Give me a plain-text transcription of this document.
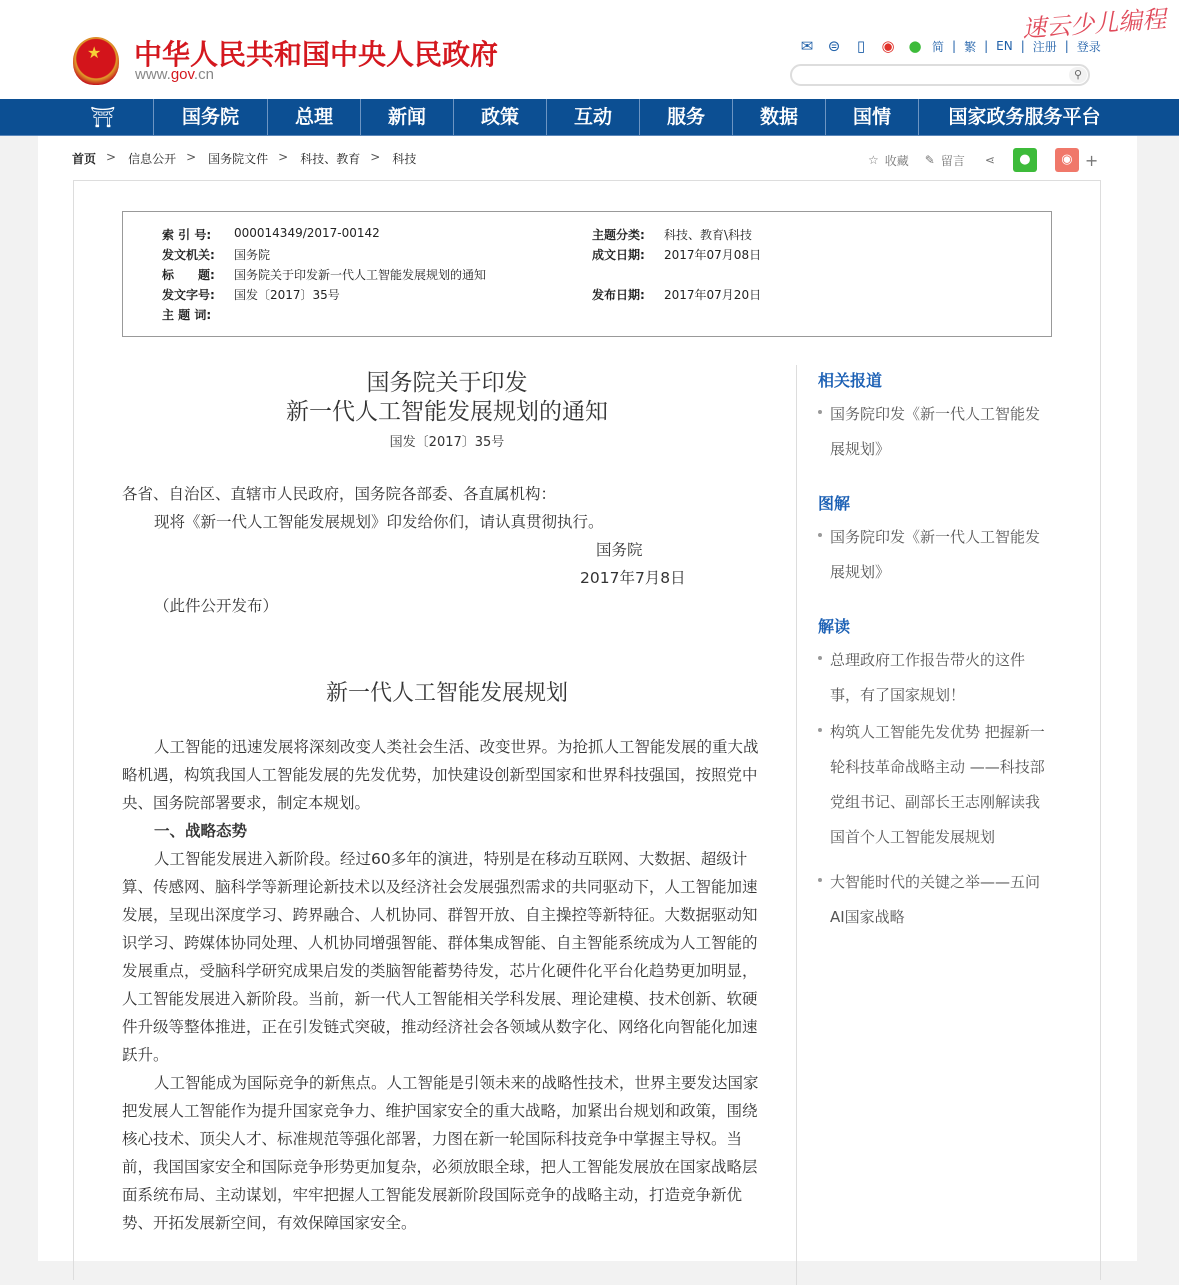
★ 中华人民共和国中央人民政府
www.gov.cn
速云少儿编程
✉ ⊜	▯	◉ ● 简 | 繁 | EN | 注册 | 登录
⚲
⛩	国务院	总理	新闻	政策	互动	服务	数据	国情	国家政务服务平台
首页 > 信息公开 > 国务院文件 > 科技、教育 > 科技	☆ 收藏 ✎ 留言 ⋖	●	◉ +
索 引 号:	000014349/2017-00142	主题分类:	科技、教育\科技
发文机关:	国务院	成文日期:	2017年07月08日
标　　题:	国务院关于印发新一代人工智能发展规划的通知
发文字号:	国发〔2017〕35号	发布日期:	2017年07月20日
主 题 词:
国务院关于印发
新一代人工智能发展规划的通知
国发〔2017〕35号
各省、自治区、直辖市人民政府，国务院各部委、各直属机构：
现将《新一代人工智能发展规划》印发给你们，请认真贯彻执行。
国务院
2017年7月8日
（此件公开发布）
新一代人工智能发展规划
人工智能的迅速发展将深刻改变人类社会生活、改变世界。为抢抓人工智能发展的重大战略机遇，构筑我国人工智能发展的先发优势，加快建设创新型国家和世界科技强国，按照党中央、国务院部署要求，制定本规划。
一、战略态势
人工智能发展进入新阶段。经过60多年的演进，特别是在移动互联网、大数据、超级计算、传感网、脑科学等新理论新技术以及经济社会发展强烈需求的共同驱动下，人工智能加速发展，呈现出深度学习、跨界融合、人机协同、群智开放、自主操控等新特征。大数据驱动知识学习、跨媒体协同处理、人机协同增强智能、群体集成智能、自主智能系统成为人工智能的发展重点，受脑科学研究成果启发的类脑智能蓄势待发，芯片化硬件化平台化趋势更加明显，人工智能发展进入新阶段。当前，新一代人工智能相关学科发展、理论建模、技术创新、软硬件升级等整体推进，正在引发链式突破，推动经济社会各领域从数字化、网络化向智能化加速跃升。
人工智能成为国际竞争的新焦点。人工智能是引领未来的战略性技术，世界主要发达国家把发展人工智能作为提升国家竞争力、维护国家安全的重大战略，加紧出台规划和政策，围绕核心技术、顶尖人才、标准规范等强化部署，力图在新一轮国际科技竞争中掌握主导权。当前，我国国家安全和国际竞争形势更加复杂，必须放眼全球，把人工智能发展放在国家战略层面系统布局、主动谋划，牢牢把握人工智能发展新阶段国际竞争的战略主动，打造竞争新优势、开拓发展新空间，有效保障国家安全。
相关报道
国务院印发《新一代人工智能发展规划》
图解
国务院印发《新一代人工智能发展规划》
解读
总理政府工作报告带火的这件事，有了国家规划！
构筑人工智能先发优势 把握新一轮科技革命战略主动 ——科技部党组书记、副部长王志刚解读我国首个人工智能发展规划
大智能时代的关键之举——五问AI国家战略
